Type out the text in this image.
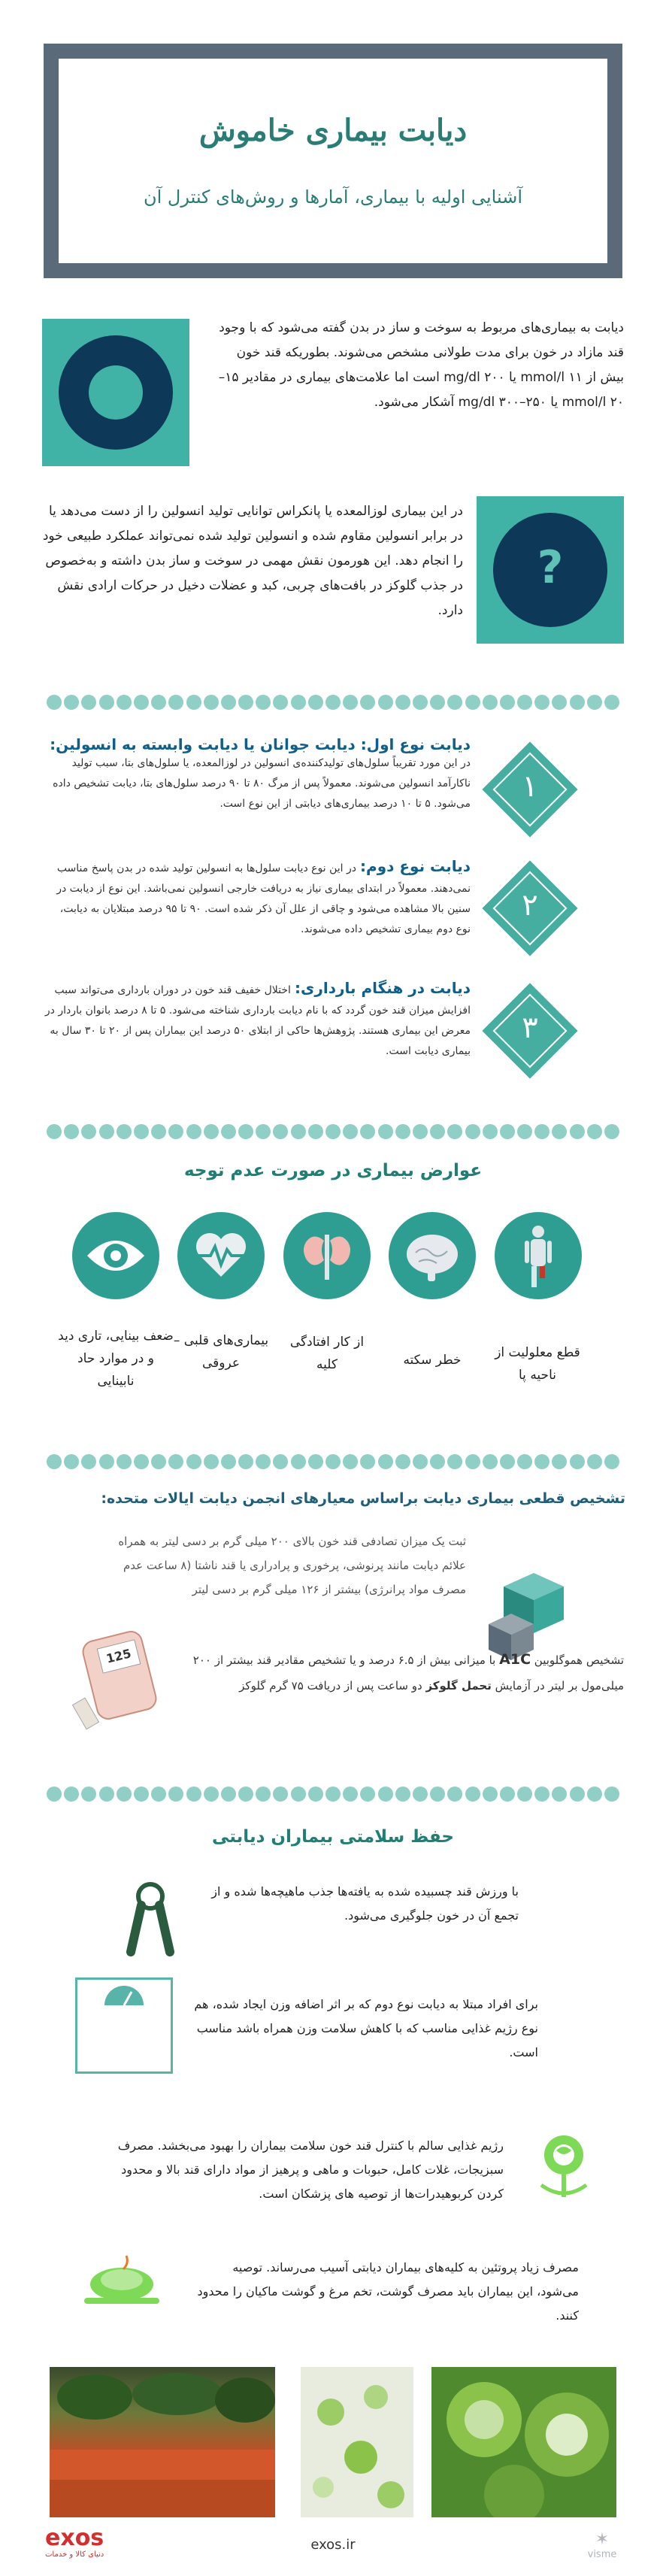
دیابت بیماری خاموش
آشنایی اولیه با بیماری، آمارها و روش‌های کنترل آن
دیابت به بیماری‌های مربوط به سوخت و ساز در بدن گفته می‌شود که با وجود قند مازاد در خون برای مدت طولانی مشخص می‌شوند. بطوریکه قند خون بیش از ۱۱ mmol/l یا ۲۰۰ mg/dl است اما علامت‌های بیماری در مقادیر ۱۵–۲۰ mmol/l یا ۲۵۰–۳۰۰ mg/dl آشکار می‌شود.
در این بیماری لوزالمعده یا پانکراس توانایی تولید انسولین را از دست می‌دهد یا در برابر انسولین مقاوم شده و انسولین تولید شده نمی‌تواند عملکرد طبیعی خود را انجام دهد. این هورمون نقش مهمی در سوخت و ساز بدن داشته و به‌خصوص در جذب گلوکز در بافت‌های چربی، کبد و عضلات دخیل در حرکات ارادی نقش دارد.
?
۱
دیابت نوع اول: دیابت جوانان یا دیابت وابسته به انسولین: در این مورد تقریباً سلول‌های تولیدکننده‌ی انسولین در لوزالمعده، یا سلول‌های بتا، سبب تولید ناکارآمد انسولین می‌شوند. معمولاً پس از مرگ ۸۰ تا ۹۰ درصد سلول‌های بتا، دیابت تشخیص داده می‌شود. ۵ تا ۱۰ درصد بیماری‌های دیابتی از این نوع است.
۲
دیابت نوع دوم: در این نوع دیابت سلول‌ها به انسولین تولید شده در بدن پاسخ مناسب نمی‌دهند. معمولاً در ابتدای بیماری نیاز به دریافت خارجی انسولین نمی‌باشد. این نوع از دیابت در سنین بالا مشاهده می‌شود و چاقی از علل آن ذکر شده است. ۹۰ تا ۹۵ درصد مبتلایان به دیابت، نوع دوم بیماری تشخیص داده می‌شوند.
۳
دیابت در هنگام بارداری: اختلال خفیف قند خون در دوران بارداری می‌تواند سبب افزایش میزان قند خون گردد که با نام دیابت بارداری شناخته می‌شود. ۵ تا ۸ درصد بانوان باردار در معرض این بیماری هستند. پژوهش‌ها حاکی از ابتلای ۵۰ درصد این بیماران پس از ۲۰ تا ۳۰ سال به بیماری دیابت است.
عوارض بیماری در صورت عدم توجه
قطع معلولیت از ناحیه پا
خطر سکته
از کار افتادگی کلیه
بیماری‌های قلبی – عروقی
ضعف بینایی، تاری دید و در موارد حاد نابینایی
تشخیص قطعی بیماری دیابت براساس معیارهای انجمن دیابت ایالات متحده:
ثبت یک میزان تصادفی قند خون بالای ۲۰۰ میلی گرم بر دسی لیتر به همراه علائم دیابت مانند پرنوشی، پرخوری و پرادراری یا قند ناشتا (۸ ساعت عدم مصرف مواد پرانرژی) بیشتر از ۱۲۶ میلی گرم بر دسی لیتر
125	تشخیص هموگلوبین A1C با میزانی بیش از ۶.۵ درصد و یا تشخیص مقادیر قند بیشتر از ۲۰۰ میلی‌مول بر لیتر در آزمایش تحمل گلوکز دو ساعت پس از دریافت ۷۵ گرم گلوکز
حفظ سلامتی بیماران دیابتی
با ورزش قند چسبیده شده به یافته‌ها جذب ماهیچه‌ها شده و از تجمع آن در خون جلوگیری می‌شود.
برای افراد مبتلا به دیابت نوع دوم که بر اثر اضافه وزن ایجاد شده، هم نوع رژیم غذایی مناسب که با کاهش سلامت وزن همراه باشد مناسب است.
رژیم غذایی سالم با کنترل قند خون سلامت بیماران را بهبود می‌بخشد. مصرف سبزیجات، غلات کامل، حبوبات و ماهی و پرهیز از مواد دارای قند بالا و محدود کردن کربوهیدرات‌ها از توصیه های پزشکان است.
مصرف زیاد پروتئین به کلیه‌های بیماران دیابتی آسیب می‌رساند. توصیه می‌شود، این بیماران باید مصرف گوشت، تخم مرغ و گوشت ماکیان را محدود کنند.
exos
دنیای کالا و خدمات
exos.ir	✶
visme
